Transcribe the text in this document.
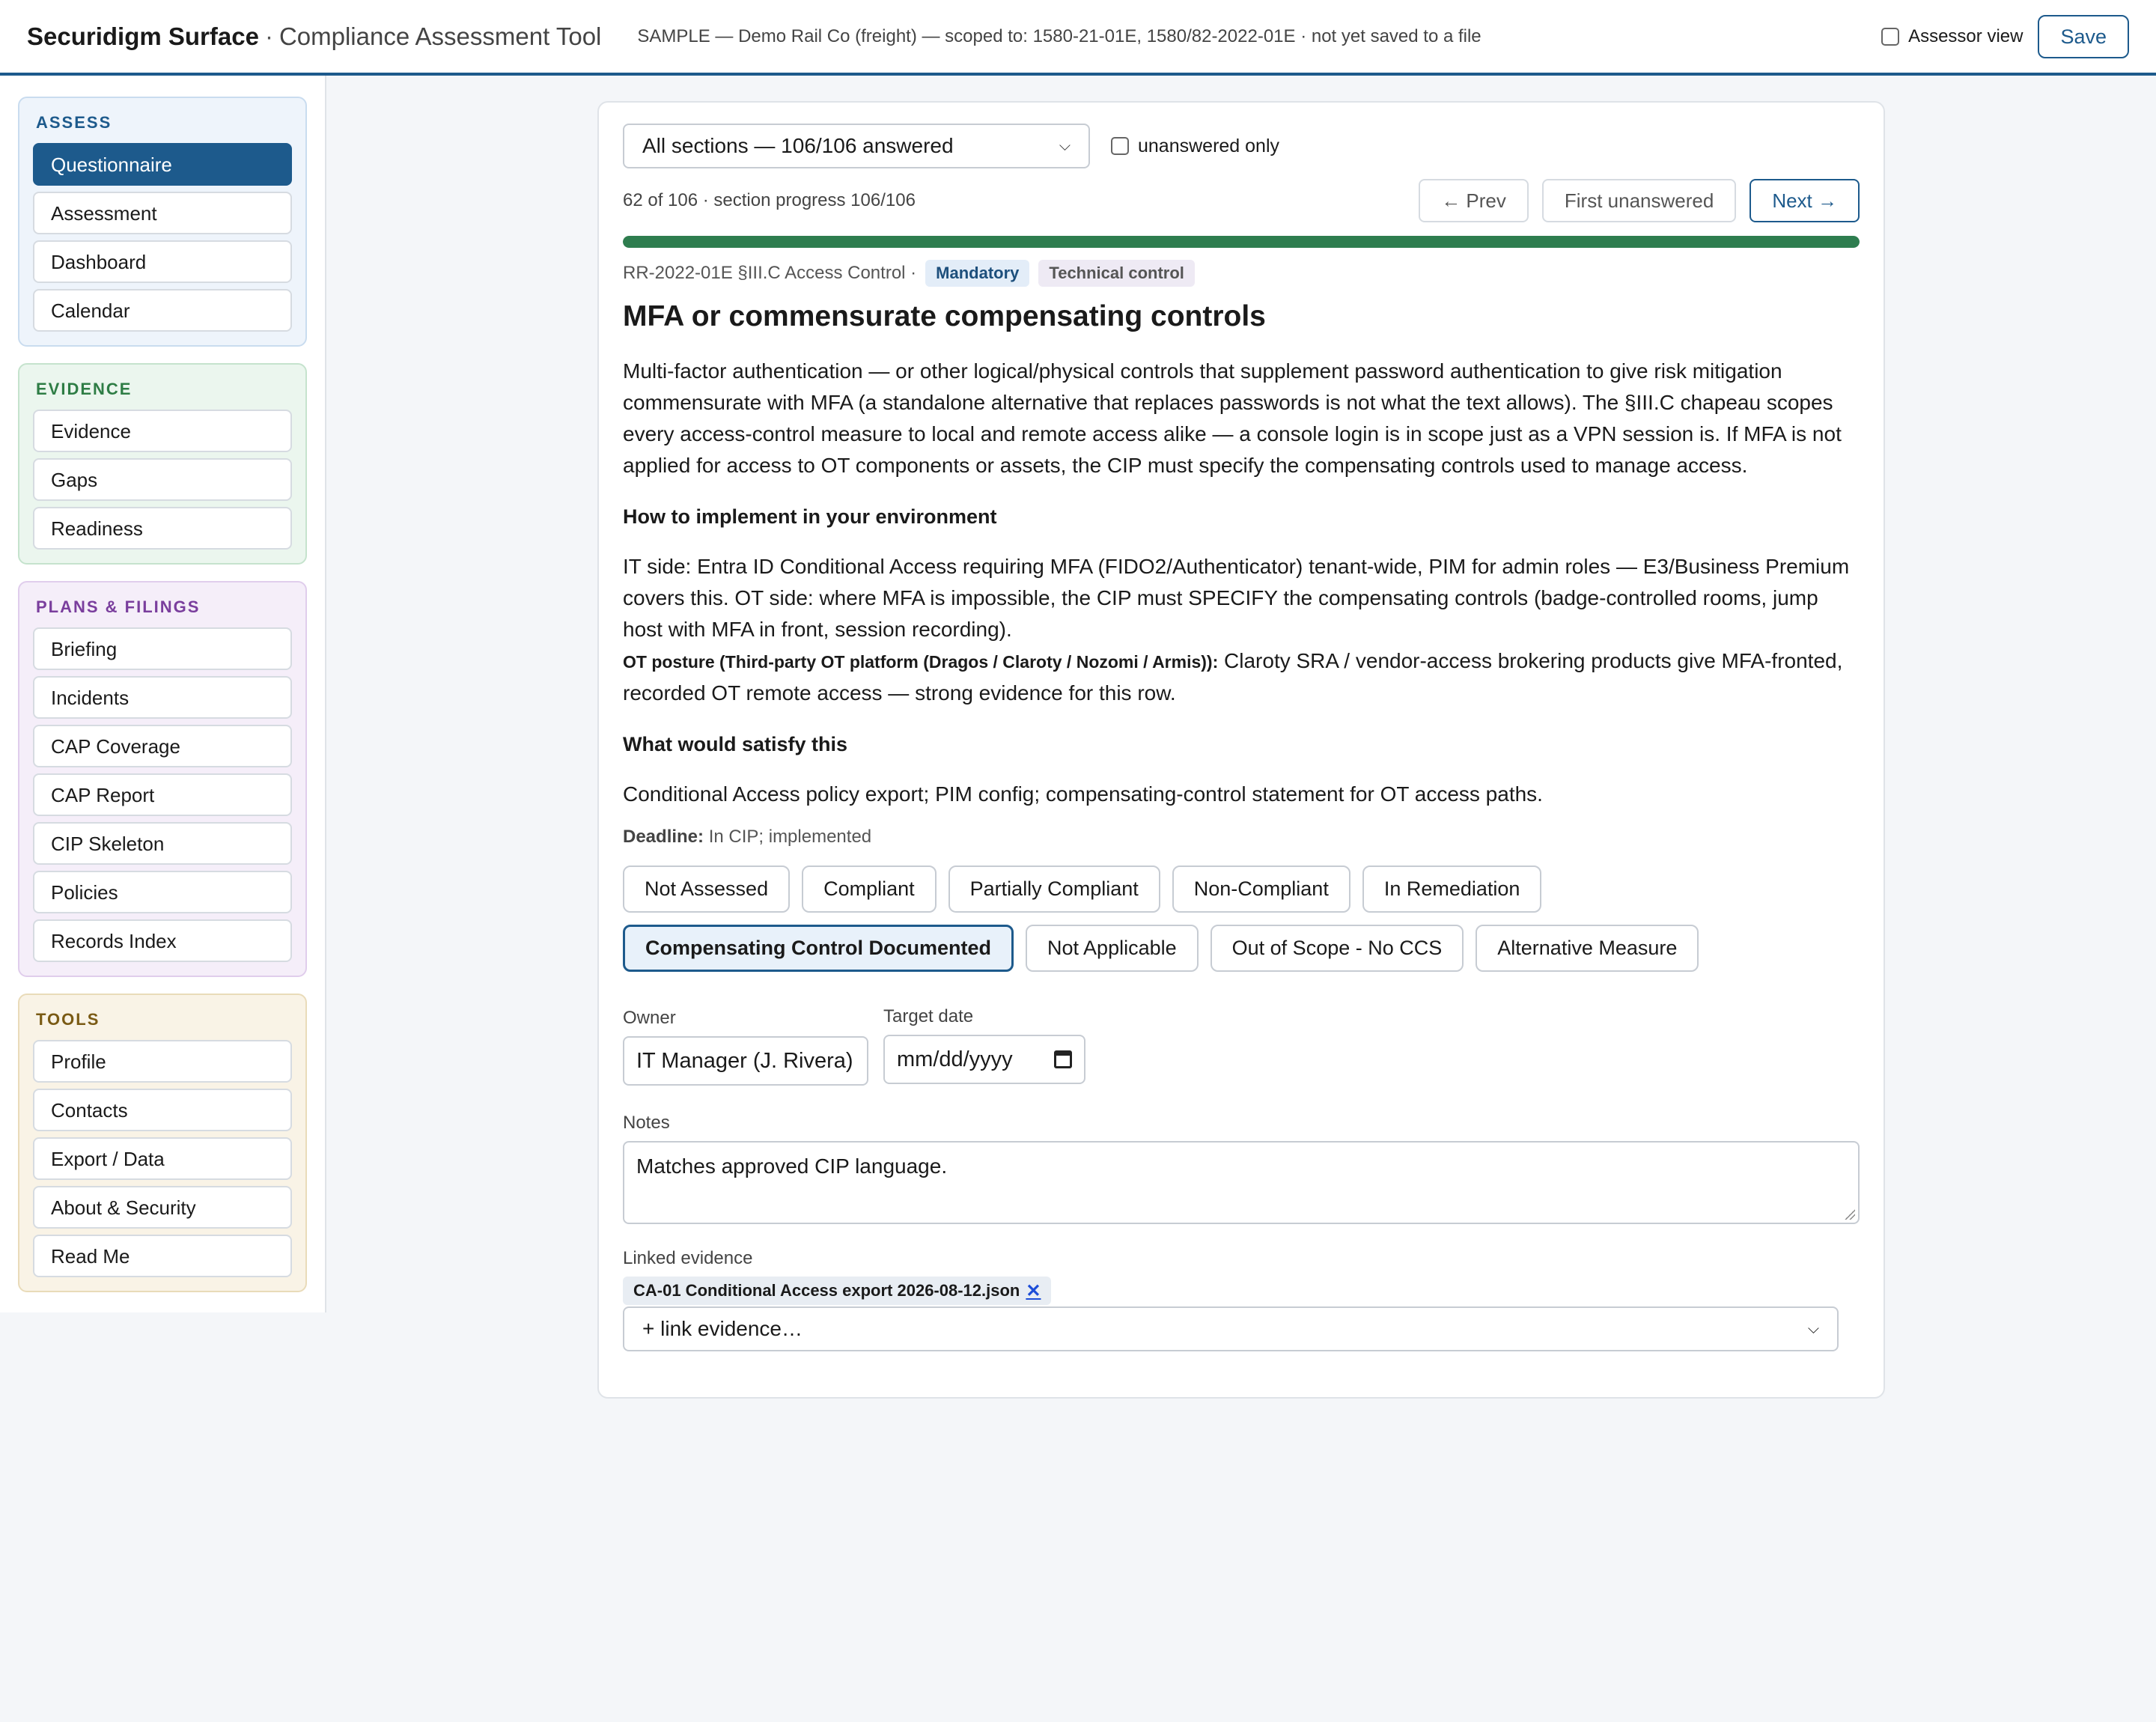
Securidigm Surface · Compliance Assessment Tool SAMPLE — Demo Rail Co (freight) — scoped to: 1580-21-01E, 1580/82-2022-01E · not yet saved to a file	Assessor view	Save
ASSESS
Questionnaire
Assessment
Dashboard
Calendar
EVIDENCE
Evidence
Gaps
Readiness
PLANS & FILINGS
Briefing
Incidents
CAP Coverage
CAP Report
CIP Skeleton
Policies
Records Index
TOOLS
Profile
Contacts
Export / Data
About & Security
Read Me
All sections — 106/106 answered	⌵	unanswered only
62 of 106 · section progress 106/106	← Prev	First unanswered	Next →
RR-2022-01E §III.C Access Control ·	Mandatory	Technical control
MFA or commensurate compensating controls
Multi-factor authentication — or other logical/physical controls that supplement password authentication to give risk mitigation commensurate with MFA (a standalone alternative that replaces passwords is not what the text allows). The §III.C chapeau scopes every access-control measure to local and remote access alike — a console login is in scope just as a VPN session is. If MFA is not applied for access to OT components or assets, the CIP must specify the compensating controls used to manage access.
How to implement in your environment
IT side: Entra ID Conditional Access requiring MFA (FIDO2/Authenticator) tenant-wide, PIM for admin roles — E3/Business Premium covers this. OT side: where MFA is impossible, the CIP must SPECIFY the compensating controls (badge-controlled rooms, jump host with MFA in front, session recording).
OT posture (Third-party OT platform (Dragos / Claroty / Nozomi / Armis)): Claroty SRA / vendor-access brokering products give MFA-fronted, recorded OT remote access — strong evidence for this row.
What would satisfy this
Conditional Access policy export; PIM config; compensating-control statement for OT access paths.
Deadline: In CIP; implemented
Not Assessed	Compliant	Partially Compliant	Non-Compliant	In Remediation
Compensating Control Documented	Not Applicable	Out of Scope - No CCS	Alternative Measure
Owner
IT Manager (J. Rivera)
Target date
mm/dd/yyyy
Notes
Matches approved CIP language.
Linked evidence
CA-01 Conditional Access export 2026-08-12.json ✕
+ link evidence…	⌵
